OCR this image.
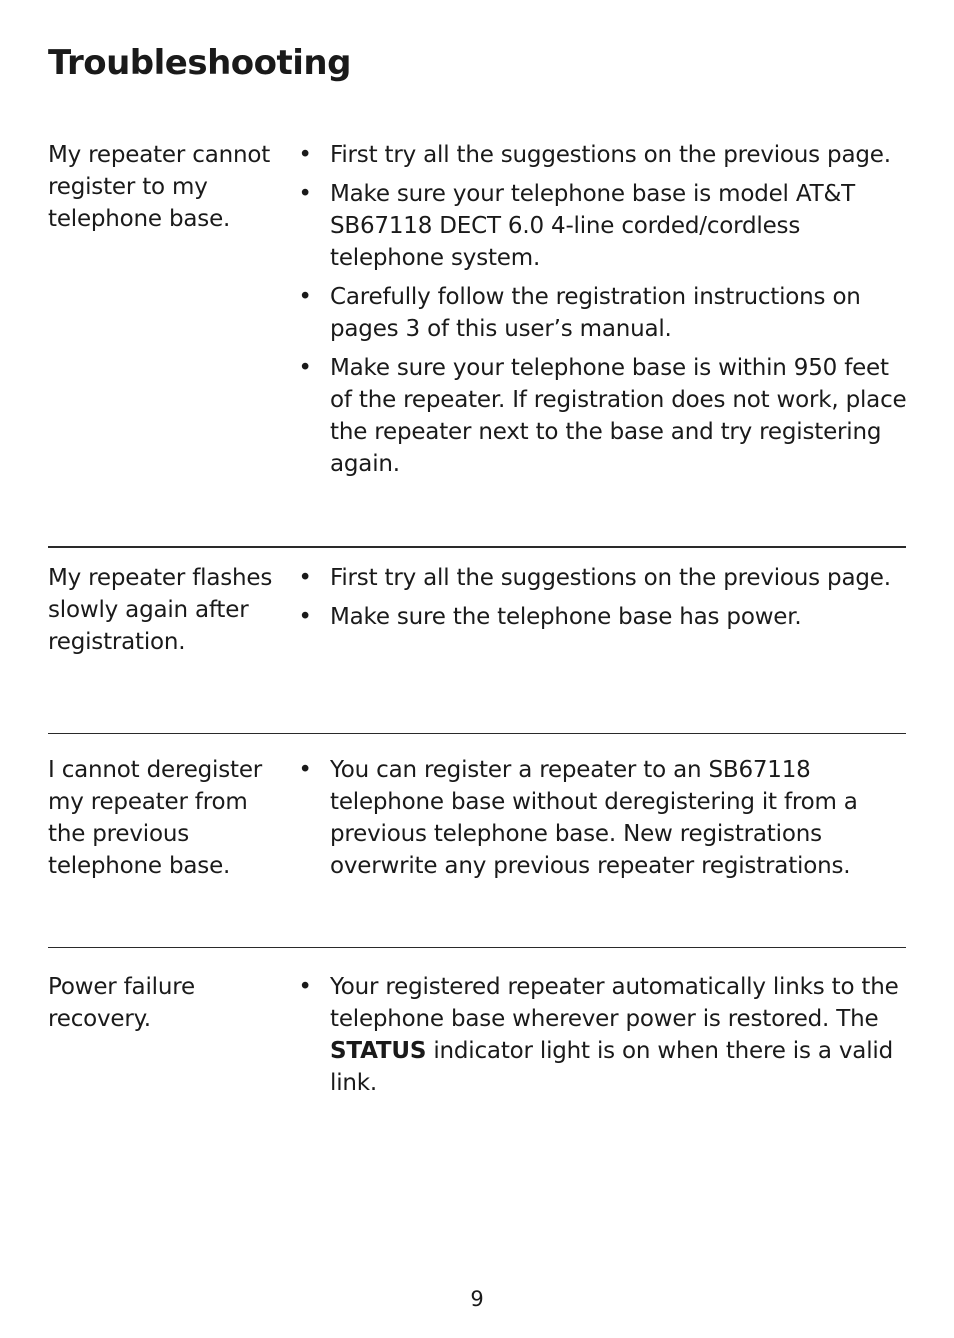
Troubleshooting

My repeater cannot register to my telephone base.

• First try all the suggestions on the previous page.
• Make sure your telephone base is model AT&T SB67118 DECT 6.0 4-line corded/cordless telephone system.
• Carefully follow the registration instructions on pages 3 of this user’s manual.
• Make sure your telephone base is within 950 feet of the repeater. If registration does not work, place the repeater next to the base and try registering again.

My repeater flashes slowly again after registration.

• First try all the suggestions on the previous page.
• Make sure the telephone base has power.

I cannot deregister my repeater from the previous telephone base.

• You can register a repeater to an SB67118 telephone base without deregistering it from a previous telephone base. New registrations overwrite any previous repeater registrations.

Power failure recovery.

• Your registered repeater automatically links to the telephone base wherever power is restored. The STATUS indicator light is on when there is a valid link.
9
